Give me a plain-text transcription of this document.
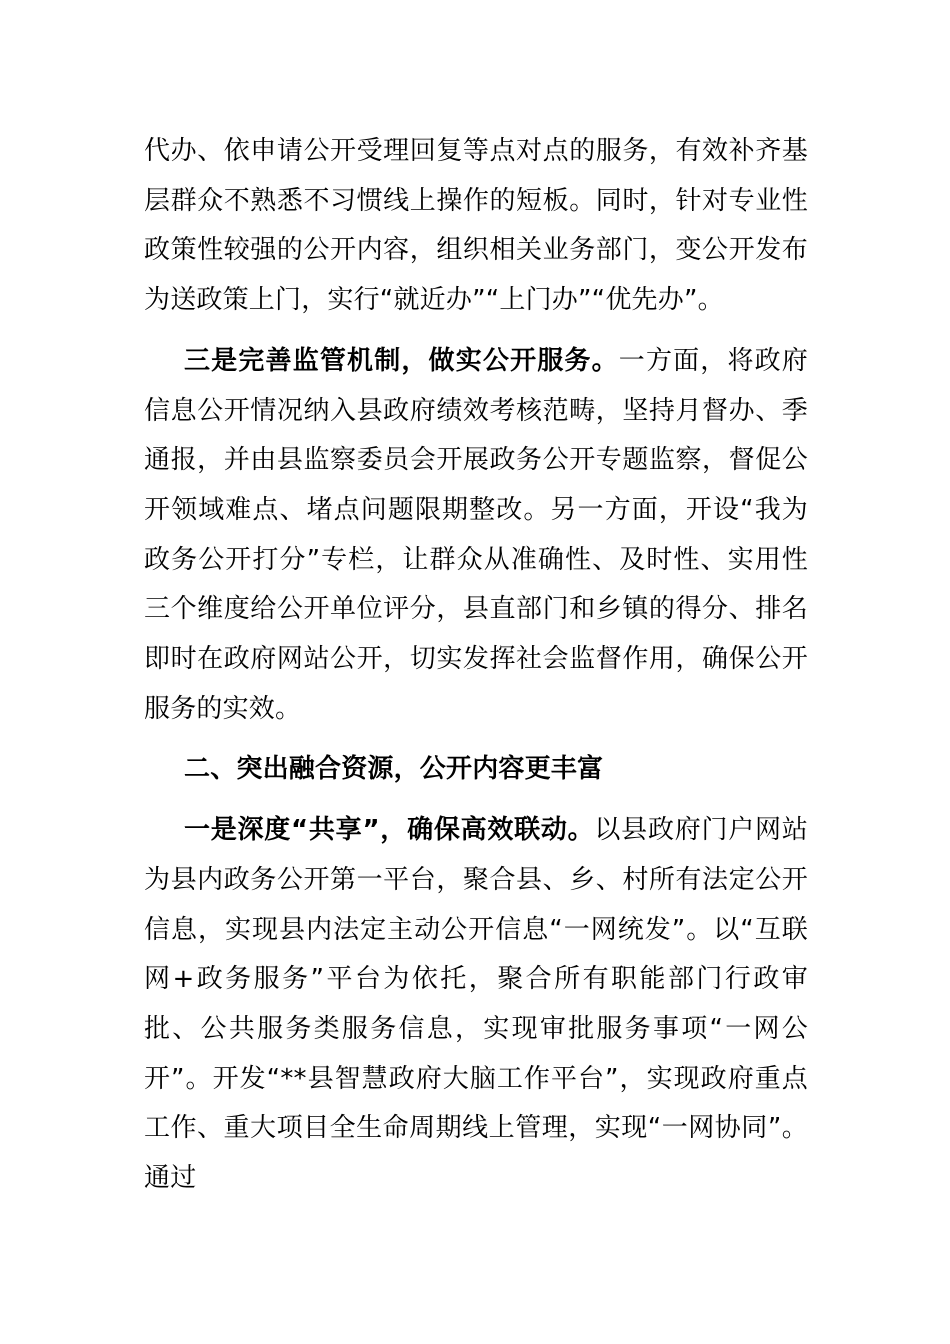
代办、依申请公开受理回复等点对点的服务，有效补齐基层群众不熟悉不习惯线上操作的短板。同时，针对专业性政策性较强的公开内容，组织相关业务部门，变公开发布为送政策上门，实行“就近办”“上门办”“优先办”。

三是完善监管机制，做实公开服务。一方面，将政府信息公开情况纳入县政府绩效考核范畴，坚持月督办、季通报，并由县监察委员会开展政务公开专题监察，督促公开领域难点、堵点问题限期整改。另一方面，开设“我为政务公开打分”专栏，让群众从准确性、及时性、实用性三个维度给公开单位评分，县直部门和乡镇的得分、排名即时在政府网站公开，切实发挥社会监督作用，确保公开服务的实效。

二、突出融合资源，公开内容更丰富

一是深度“共享”，确保高效联动。以县政府门户网站为县内政务公开第一平台，聚合县、乡、村所有法定公开信息，实现县内法定主动公开信息“一网统发”。以“互联网+政务服务”平台为依托，聚合所有职能部门行政审批、公共服务类服务信息，实现审批服务事项“一网公开”。开发“**县智慧政府大脑工作平台”，实现政府重点工作、重大项目全生命周期线上管理，实现“一网协同”。通过
